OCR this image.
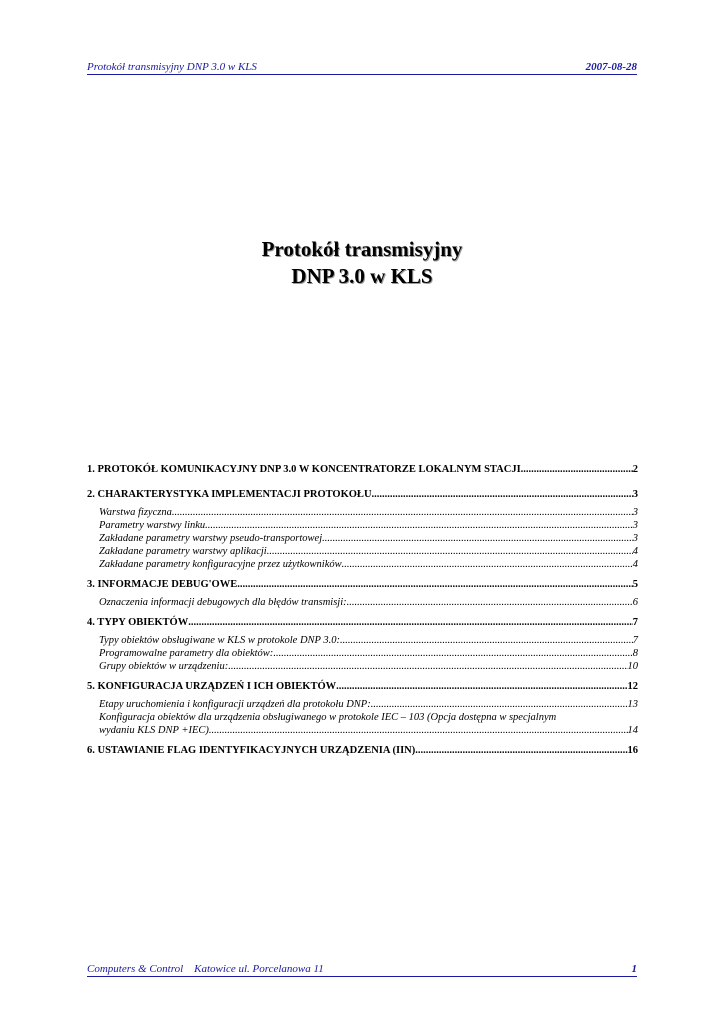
Protokół transmisyjny DNP 3.0 w KLS	2007-08-28
Protokół transmisyjny
DNP 3.0 w KLS
1. PROTOKÓŁ KOMUNIKACYJNY DNP 3.0 W KONCENTRATORZE LOKALNYM STACJI .....	2
2. CHARAKTERYSTYKA IMPLEMENTACJI PROTOKOŁU .....	3
Warstwa fizyczna .....	3
Parametry warstwy linku .....	3
Zakładane parametry warstwy pseudo-transportowej .....	3
Zakładane parametry warstwy aplikacji .....	4
Zakładane parametry konfiguracyjne przez użytkowników .....	4
3. INFORMACJE DEBUG'OWE .....	5
Oznaczenia informacji debugowych dla błędów transmisji: .....	6
4. TYPY OBIEKTÓW .....	7
Typy obiektów obsługiwane w KLS w protokole DNP 3.0: .....	7
Programowalne parametry dla obiektów: .....	8
Grupy obiektów w urządzeniu: .....	10
5. KONFIGURACJA URZĄDZEŃ I ICH OBIEKTÓW .....	12
Etapy uruchomienia i konfiguracji urządzeń dla protokołu DNP: .....	13
Konfiguracja obiektów dla urządzenia obsługiwanego w protokole IEC – 103 (Opcja dostępna w specjalnym
wydaniu KLS DNP +IEC) .....	14
6. USTAWIANIE FLAG IDENTYFIKACYJNYCH URZĄDZENIA (IIN) .....	16
Computers & Control    Katowice ul. Porcelanowa 11	1
